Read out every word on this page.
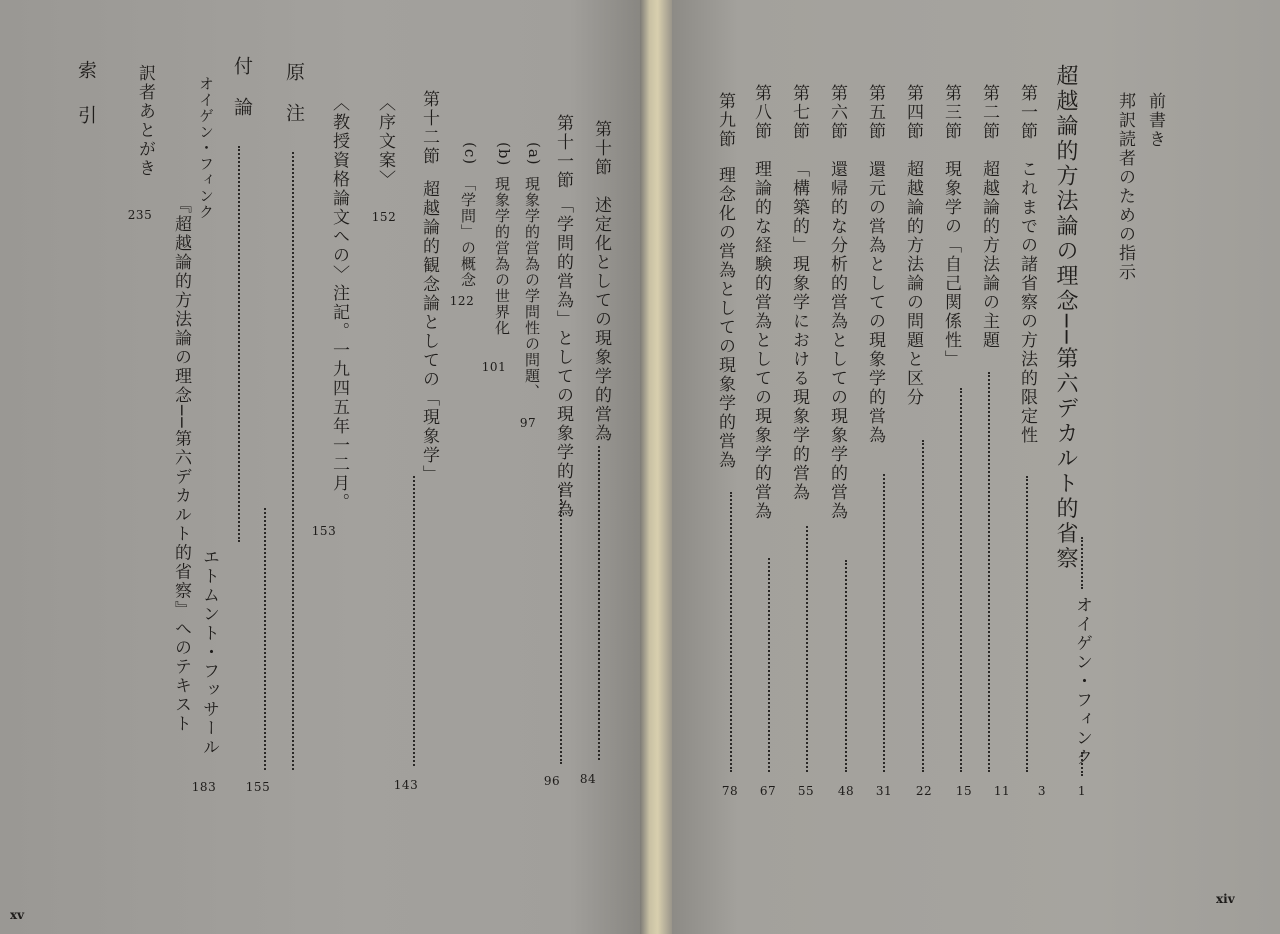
前書き
邦訳読者のための指示
超越論的方法論の理念──第六デカルト的省察
オイゲン・フィンク
1
第一節
これまでの諸省察の方法的限定性
3
第二節
超越論的方法論の主題
11
第三節
現象学の「自己関係性」
15
第四節
超越論的方法論の問題と区分
22
第五節
還元の営為としての現象学的営為
31
第六節
還帰的な分析的営為としての現象学的営為
48
第七節
「構築的」現象学における現象学的営為
55
第八節
理論的な経験的営為としての現象学的営為
67
第九節
理念化の営為としての現象学的営為
78
xiv
第十節
述定化としての現象学的営為
84
第十一節
「学問的営為」としての現象学的営為
96
(a)
現象学的営為の学問性の問題、
97
(b)
現象学的営為の世界化
101
(c)
「学問」の概念
122
第十二節
超越論的観念論としての「現象学」
143
〈序文案〉
152
〈教授資格論文への〉注記。一九四五年一二月。
153
原注
155
付論
エトムント・フッサール
オイゲン・フィンク
『超越論的方法論の理念──第六デカルト的省察』へのテキスト
183
訳者あとがき
235
索引
xv
